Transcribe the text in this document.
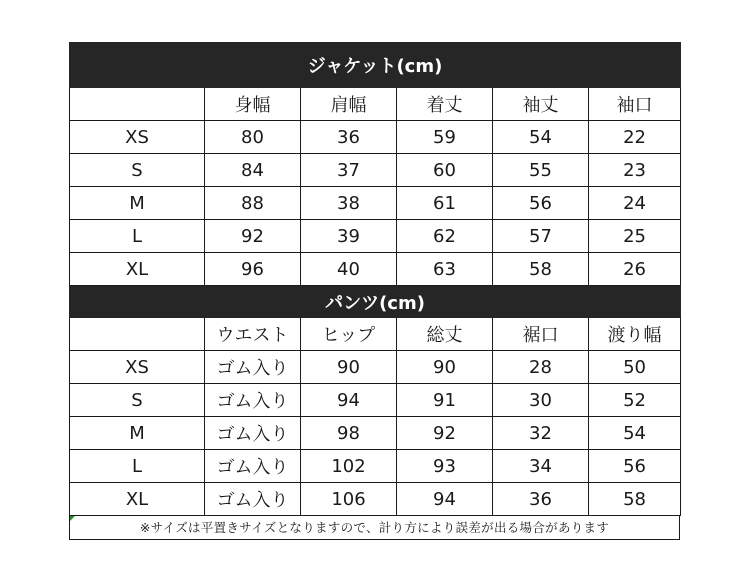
ジャケット(cm)					
	身幅	肩幅	着丈	袖丈	袖口
XS	80	36	59	54	22
S	84	37	60	55	23
M	88	38	61	56	24
L	92	39	62	57	25
XL	96	40	63	58	26
パンツ(cm)					
	ウエスト	ヒップ	総丈	裾口	渡り幅
XS	ゴム入り	90	90	28	50
S	ゴム入り	94	91	30	52
M	ゴム入り	98	92	32	54
L	ゴム入り	102	93	34	56
XL	ゴム入り	106	94	36	58
※サイズは平置きサイズとなりますので、計り方により誤差が出る場合があります
